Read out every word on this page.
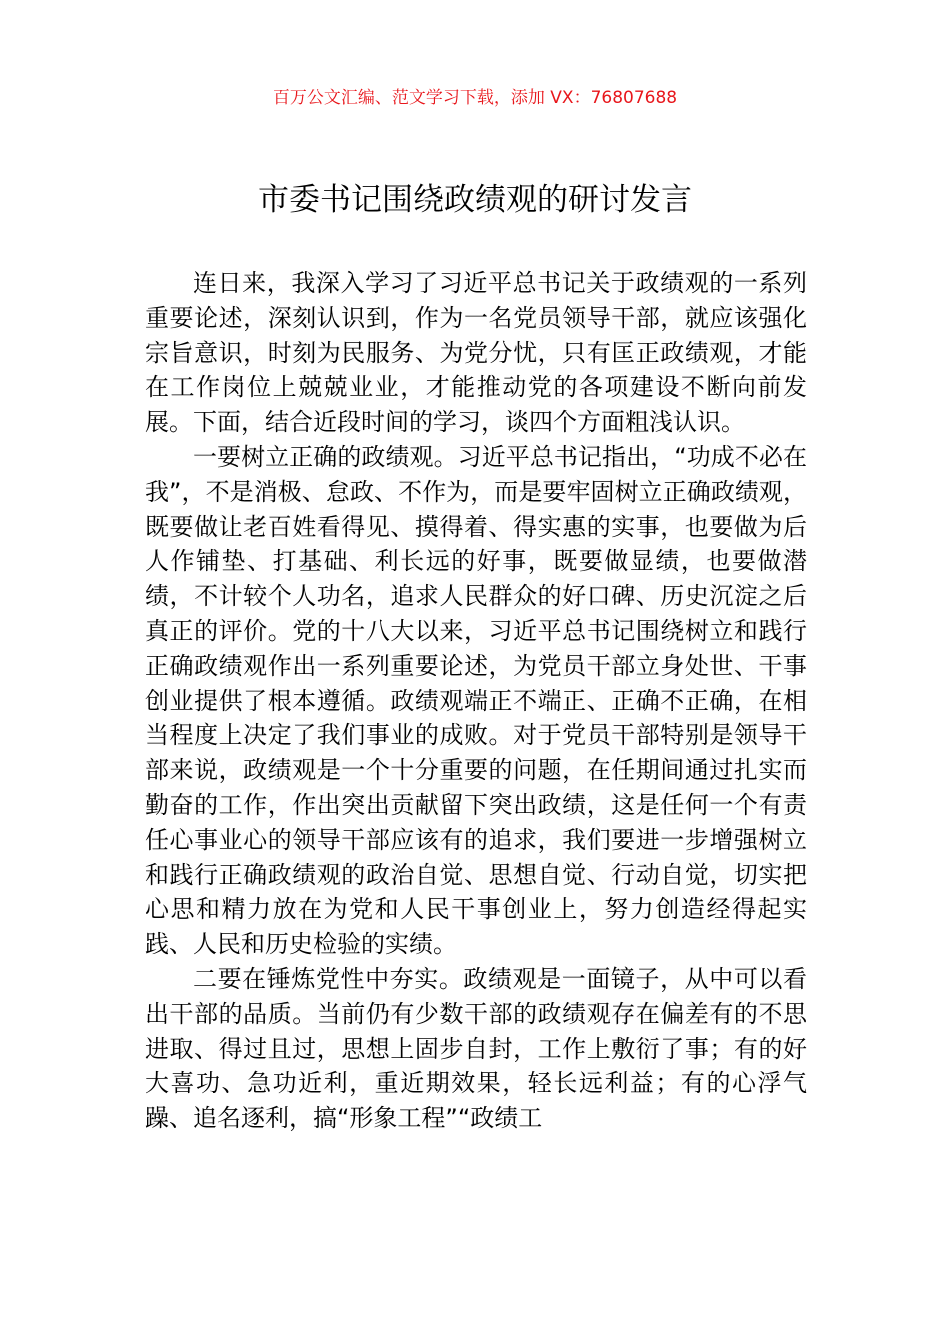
百万公文汇编、范文学习下载，添加 VX：76807688
市委书记围绕政绩观的研讨发言

连日来，我深入学习了习近平总书记关于政绩观的一系列重要论述，深刻认识到，作为一名党员领导干部，就应该强化宗旨意识，时刻为民服务、为党分忧，只有匡正政绩观，才能在工作岗位上兢兢业业，才能推动党的各项建设不断向前发展。下面，结合近段时间的学习，谈四个方面粗浅认识。

一要树立正确的政绩观。习近平总书记指出，“功成不必在我”，不是消极、怠政、不作为，而是要牢固树立正确政绩观，既要做让老百姓看得见、摸得着、得实惠的实事，也要做为后人作铺垫、打基础、利长远的好事，既要做显绩，也要做潜绩，不计较个人功名，追求人民群众的好口碑、历史沉淀之后真正的评价。党的十八大以来，习近平总书记围绕树立和践行正确政绩观作出一系列重要论述，为党员干部立身处世、干事创业提供了根本遵循。政绩观端正不端正、正确不正确，在相当程度上决定了我们事业的成败。对于党员干部特别是领导干部来说，政绩观是一个十分重要的问题，在任期间通过扎实而勤奋的工作，作出突出贡献留下突出政绩，这是任何一个有责任心事业心的领导干部应该有的追求，我们要进一步增强树立和践行正确政绩观的政治自觉、思想自觉、行动自觉，切实把心思和精力放在为党和人民干事创业上，努力创造经得起实践、人民和历史检验的实绩。

二要在锤炼党性中夯实。政绩观是一面镜子，从中可以看出干部的品质。当前仍有少数干部的政绩观存在偏差有的不思进取、得过且过，思想上固步自封，工作上敷衍了事；有的好大喜功、急功近利，重近期效果，轻长远利益；有的心浮气躁、追名逐利，搞“形象工程”“政绩工
